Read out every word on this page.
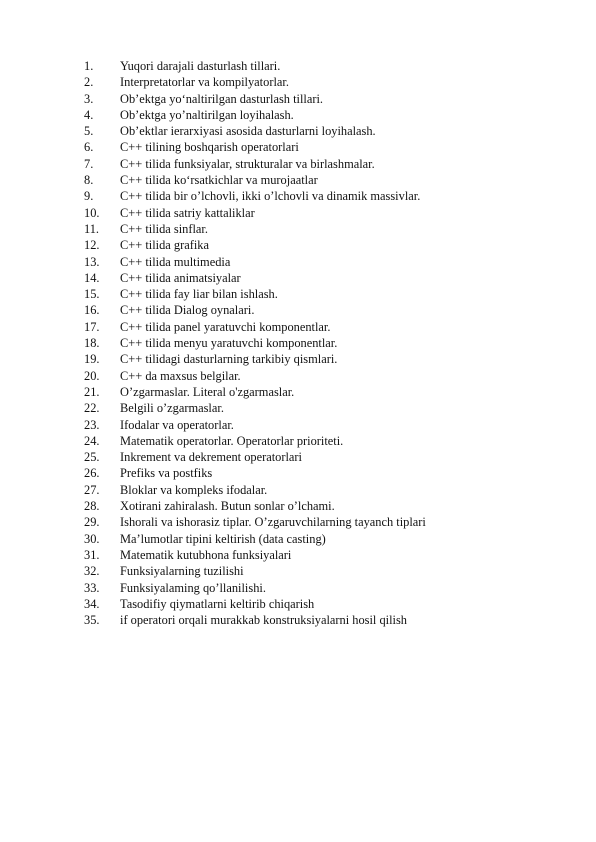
1. Yuqori darajali dasturlash tillari.
2. Interpretatorlar va kompilyatorlar.
3. Ob’ektga yo‘naltirilgan dasturlash tillari.
4. Ob’ektga yo’naltirilgan loyihalash.
5. Ob’ektlar ierarxiyasi asosida dasturlarni loyihalash.
6. C++ tilining boshqarish operatorlari
7. C++ tilida funksiyalar, strukturalar va birlashmalar.
8. C++ tilida ko‘rsatkichlar va murojaatlar
9. C++ tilida bir o’lchovli, ikki o’lchovli va dinamik massivlar.
10. C++ tilida satriy kattaliklar
11. C++ tilida sinflar.
12. C++ tilida grafika
13. C++ tilida multimedia
14. C++ tilida animatsiyalar
15. C++ tilida fay liar bilan ishlash.
16. C++ tilida Dialog oynalari.
17. C++ tilida panel yaratuvchi komponentlar.
18. C++ tilida menyu yaratuvchi komponentlar.
19. C++ tilidagi dasturlarning tarkibiy qismlari.
20. C++ da maxsus belgilar.
21. O’zgarmaslar. Literal o'zgarmaslar.
22. Belgili o’zgarmaslar.
23. Ifodalar va operatorlar.
24. Matematik operatorlar. Operatorlar prioriteti.
25. Inkrement va dekrement operatorlari
26. Prefiks va postfiks
27. Bloklar va kompleks ifodalar.
28. Xotirani zahiralash. Butun sonlar o’lchami.
29. Ishorali va ishorasiz tiplar. O’zgaruvchilarning tayanch tiplari
30. Ma’lumotlar tipini keltirish (data casting)
31. Matematik kutubhona funksiyalari
32. Funksiyalarning tuzilishi
33. Funksiyalaming qo’llanilishi.
34. Tasodifiy qiymatlarni keltirib chiqarish
35. if operatori orqali murakkab konstruksiyalarni hosil qilish
